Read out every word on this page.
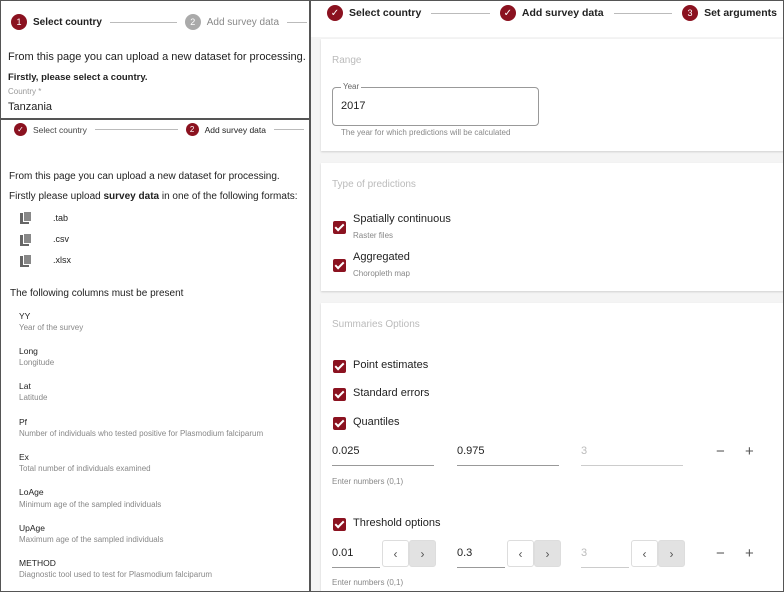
1	Select country	2	Add survey data
From this page you can upload a new dataset for processing.
Firstly, please select a country.
Country *
Tanzania
✓	Select country	2	Add survey data
From this page you can upload a new dataset for processing.
Firstly please upload survey data in one of the following formats:
.tab
.csv
.xlsx
The following columns must be present
YY
Year of the survey
Long
Longitude
Lat
Latitude
Pf
Number of individuals who tested positive for Plasmodium falciparum
Ex
Total number of individuals examined
LoAge
Minimum age of the sampled individuals
UpAge
Maximum age of the sampled individuals
METHOD
Diagnostic tool used to test for Plasmodium falciparum
✓ Select country	✓ Add survey data	3	Set arguments
Range
Year
2017
The year for which predictions will be calculated
Type of predictions
Spatially continuous
Raster files
Aggregated
Choropleth map
Summaries Options
Point estimates
Standard errors
Quantiles
0.025	0.975	3	− +
Enter numbers (0,1)
Threshold options
0.01	‹	›	0.3	‹	›	3	‹	›	− +
Enter numbers (0,1)
